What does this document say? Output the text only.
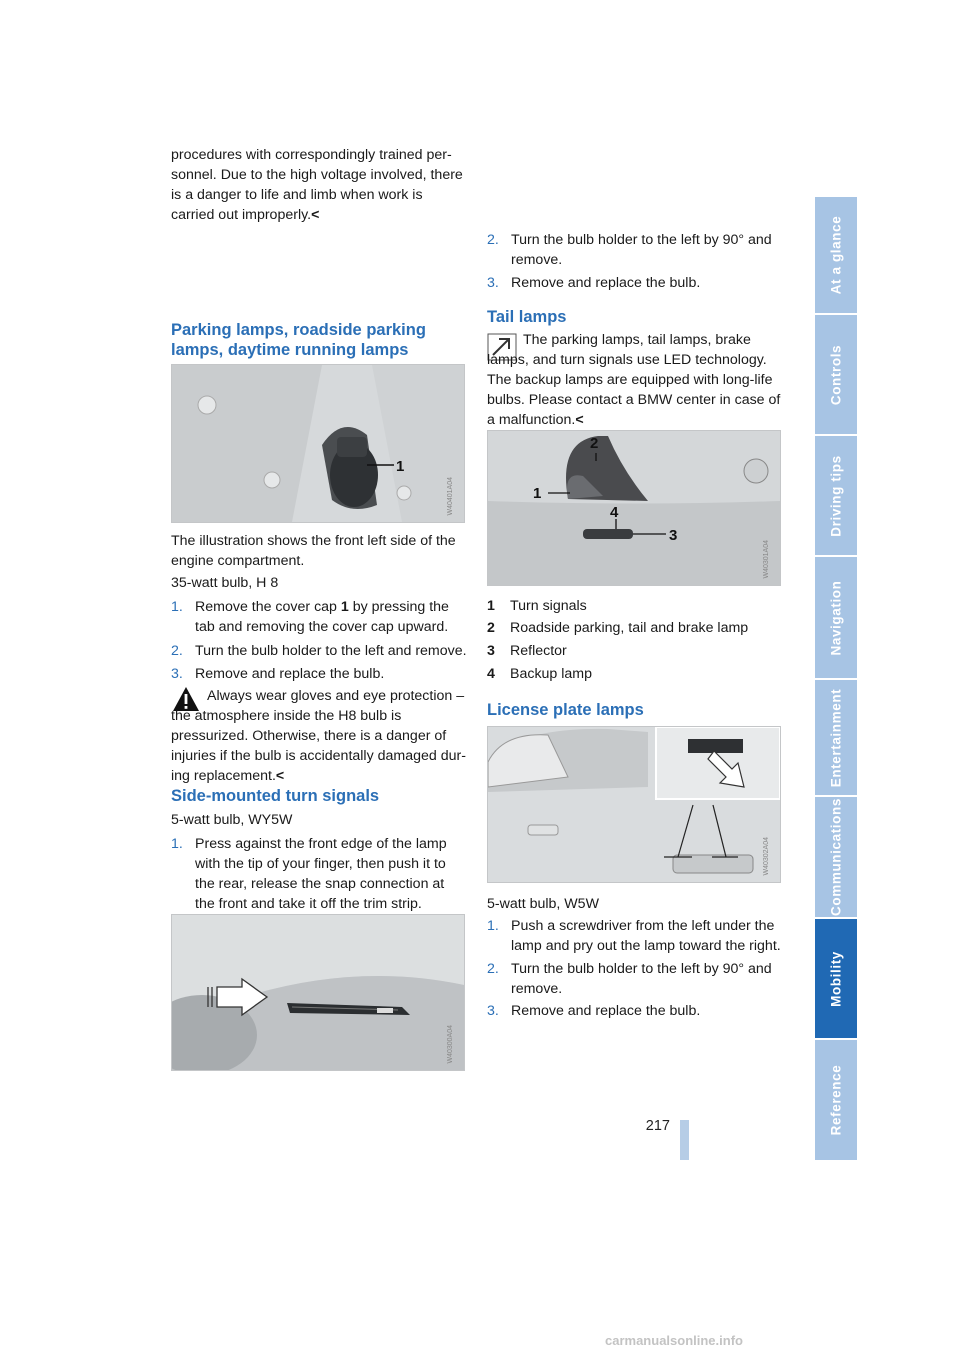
procedures with correspondingly trained personnel. Due to the high voltage involved, there is a danger to life and limb when work is carried out improperly.<

Parking lamps, roadside parking lamps, daytime running lamps
1
W40401A04

The illustration shows the front left side of the engine compartment.

35-watt bulb, H 8

1. Remove the cover cap 1 by pressing the tab and removing the cover cap upward.
2. Turn the bulb holder to the left and remove.
3. Remove and replace the bulb.

Always wear gloves and eye protection – the atmosphere inside the H8 bulb is pressurized. Otherwise, there is a danger of injuries if the bulb is accidentally damaged during replacement.<

Side-mounted turn signals

5-watt bulb, WY5W

1. Press against the front edge of the lamp with the tip of your finger, then push it to the rear, release the snap connection at the front and take it off the trim strip.
W40300A04
2. Turn the bulb holder to the left by 90° and remove.
3. Remove and replace the bulb.
Tail lamps

The parking lamps, tail lamps, brake lamps, and turn signals use LED technology. The backup lamps are equipped with long-life bulbs. Please contact a BMW center in case of a malfunction.<

1
2
3
4
W40301A04
1 Turn signals
2 Roadside parking, tail and brake lamp
3 Reflector
4 Backup lamp
License plate lamps
W40302A04

5-watt bulb, W5W

1. Push a screwdriver from the left under the lamp and pry out the lamp toward the right.
2. Turn the bulb holder to the left by 90° and remove.
3. Remove and replace the bulb.
217
At a glance
Controls
Driving tips
Navigation
Entertainment
Communications
Mobility
Reference
carmanualsonline.info
